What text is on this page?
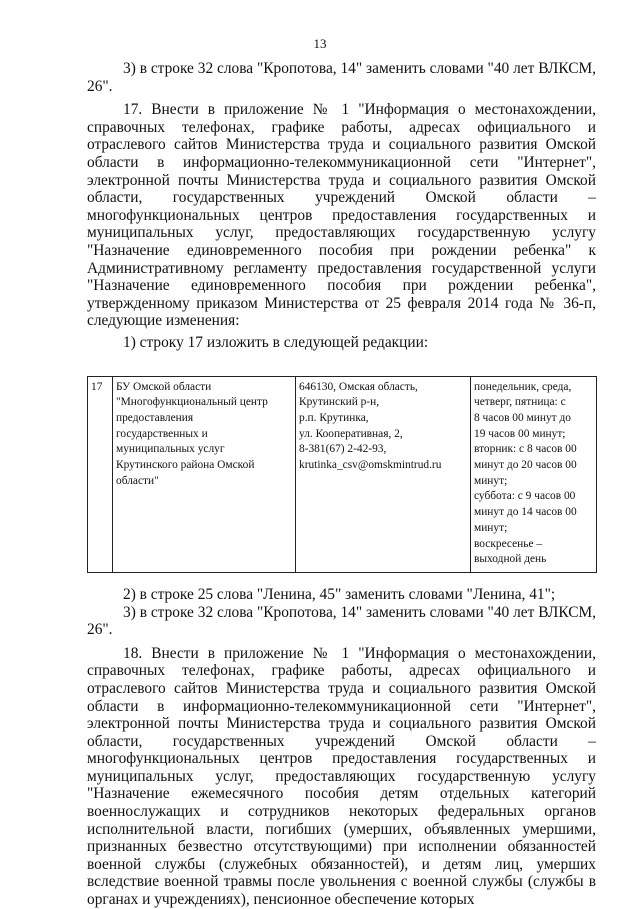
13

3) в строке 32 слова "Кропотова, 14" заменить словами "40 лет ВЛКСМ, 26".

17. Внести в приложение № 1 "Информация о местонахождении, справочных телефонах, графике работы, адресах официального и отраслевого сайтов Министерства труда и социального развития Омской области в информационно-телекоммуникационной сети "Интернет", электронной почты Министерства труда и социального развития Омской области, государственных учреждений Омской области – многофункциональных центров предоставления государственных и муниципальных услуг, предоставляющих государственную услугу "Назначение единовременного пособия при рождении ребенка" к Административному регламенту предоставления государственной услуги "Назначение единовременного пособия при рождении ребенка", утвержденному приказом Министерства от 25 февраля 2014 года № 36-п, следующие изменения:

1) строку 17 изложить в следующей редакции:

17	БУ Омской области
"Многофункциональный центр
предоставления
государственных и
муниципальных услуг
Крутинского района Омской
области"

646130, Омская область,
Крутинский р-н,
р.п. Крутинка,
ул. Кооперативная, 2,
8-381(67) 2-42-93,
krutinka_csv@omskmintrud.ru

понедельник, среда,
четверг, пятница: с
8 часов 00 минут до
19 часов 00 минут;
вторник: с 8 часов 00
минут до 20 часов 00
минут;
суббота: с 9 часов 00
минут до 14 часов 00
минут;
воскресенье –
выходной день

2) в строке 25 слова "Ленина, 45" заменить словами "Ленина, 41";

3) в строке 32 слова "Кропотова, 14" заменить словами "40 лет ВЛКСМ, 26".

18. Внести в приложение № 1 "Информация о местонахождении, справочных телефонах, графике работы, адресах официального и отраслевого сайтов Министерства труда и социального развития Омской области в информационно-телекоммуникационной сети "Интернет", электронной почты Министерства труда и социального развития Омской области, государственных учреждений Омской области – многофункциональных центров предоставления государственных и муниципальных услуг, предоставляющих государственную услугу "Назначение ежемесячного пособия детям отдельных категорий военнослужащих и сотрудников некоторых федеральных органов исполнительной власти, погибших (умерших, объявленных умершими, признанных безвестно отсутствующими) при исполнении обязанностей военной службы (служебных обязанностей), и детям лиц, умерших вследствие военной травмы после увольнения с военной службы (службы в органах и учреждениях), пенсионное обеспечение которых
